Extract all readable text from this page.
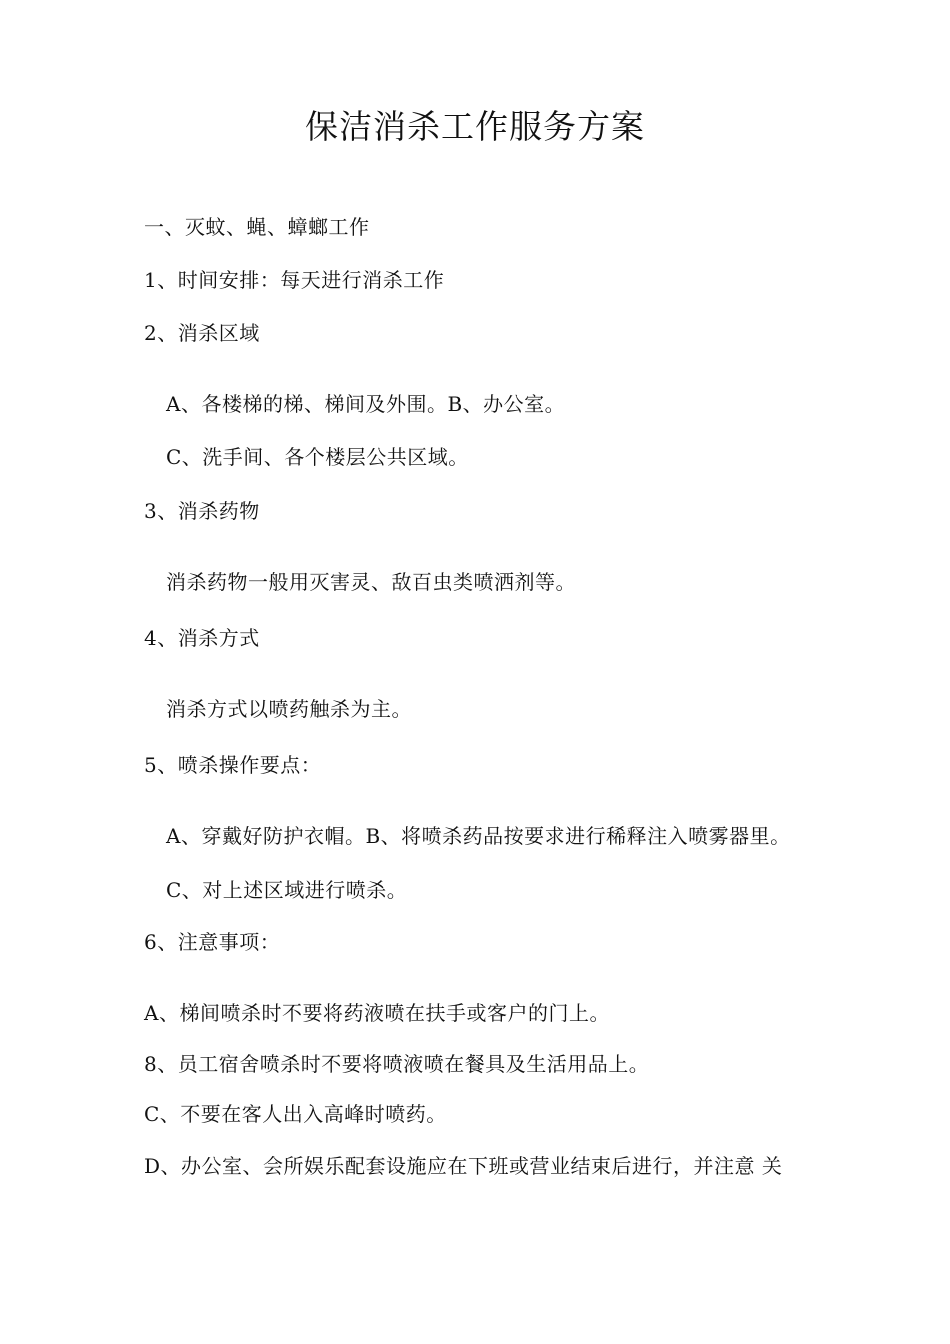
保洁消杀工作服务方案
一、灭蚊、蝇、蟑螂工作
1、时间安排：每天进行消杀工作
2、消杀区域
A、各楼梯的梯、梯间及外围。B、办公室。
C、洗手间、各个楼层公共区域。
3、消杀药物
消杀药物一般用灭害灵、敌百虫类喷洒剂等。
4、消杀方式
消杀方式以喷药触杀为主。
5、喷杀操作要点：
A、穿戴好防护衣帽。B、将喷杀药品按要求进行稀释注入喷雾器里。
C、对上述区域进行喷杀。
6、注意事项：
A、梯间喷杀时不要将药液喷在扶手或客户的门上。
8、员工宿舍喷杀时不要将喷液喷在餐具及生活用品上。
C、不要在客人出入高峰时喷药。
D、办公室、会所娱乐配套设施应在下班或营业结束后进行，并注意 关
